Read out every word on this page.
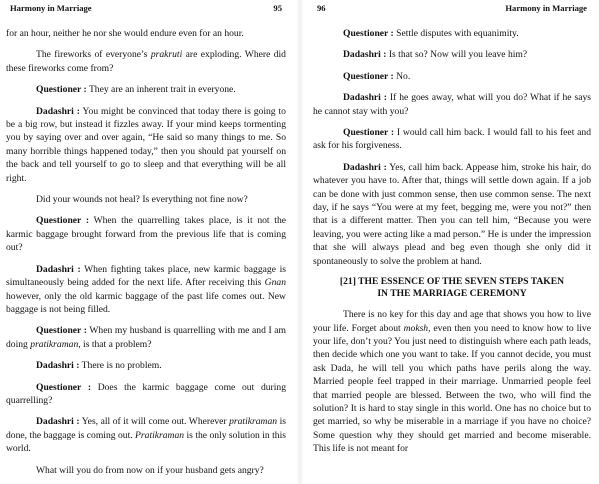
Harmony in Marriage	95

for an hour, neither he nor she would endure even for an hour.

The fireworks of everyone’s prakruti are exploding. Where did these fireworks come from?

Questioner : They are an inherent trait in everyone.

Dadashri : You might be convinced that today there is going to be a big row, but instead it fizzles away. If your mind keeps tormenting you by saying over and over again, “He said so many things to me. So many horrible things happened today,” then you should pat yourself on the back and tell yourself to go to sleep and that everything will be all right.

Did your wounds not heal? Is everything not fine now?

Questioner : When the quarrelling takes place, is it not the karmic baggage brought forward from the previous life that is coming out?

Dadashri : When fighting takes place, new karmic baggage is simultaneously being added for the next life. After receiving this Gnan however, only the old karmic baggage of the past life comes out. New baggage is not being filled.

Questioner : When my husband is quarrelling with me and I am doing pratikraman, is that a problem?

Dadashri : There is no problem.

Questioner : Does the karmic baggage come out during quarrelling?

Dadashri : Yes, all of it will come out. Wherever pratikraman is done, the baggage is coming out. Pratikraman is the only solution in this world.

What will you do from now on if your husband gets angry?

96	Harmony in Marriage

Questioner : Settle disputes with equanimity.

Dadashri : Is that so? Now will you leave him?

Questioner : No.

Dadashri : If he goes away, what will you do? What if he says he cannot stay with you?

Questioner : I would call him back. I would fall to his feet and ask for his forgiveness.

Dadashri : Yes, call him back. Appease him, stroke his hair, do whatever you have to. After that, things will settle down again. If a job can be done with just common sense, then use common sense. The next day, if he says “You were at my feet, begging me, were you not?” then that is a different matter. Then you can tell him, “Because you were leaving, you were acting like a mad person.” He is under the impression that she will always plead and beg even though she only did it spontaneously to solve the problem at hand.

[21] THE ESSENCE OF THE SEVEN STEPS TAKEN
IN THE MARRIAGE CEREMONY

There is no key for this day and age that shows you how to live your life. Forget about moksh, even then you need to know how to live your life, don’t you? You just need to distinguish where each path leads, then decide which one you want to take. If you cannot decide, you must ask Dada, he will tell you which paths have perils along the way. Married people feel trapped in their marriage. Unmarried people feel that married people are blessed. Between the two, who will find the solution? It is hard to stay single in this world. One has no choice but to get married, so why be miserable in a marriage if you have no choice? Some question why they should get married and become miserable. This life is not meant for
